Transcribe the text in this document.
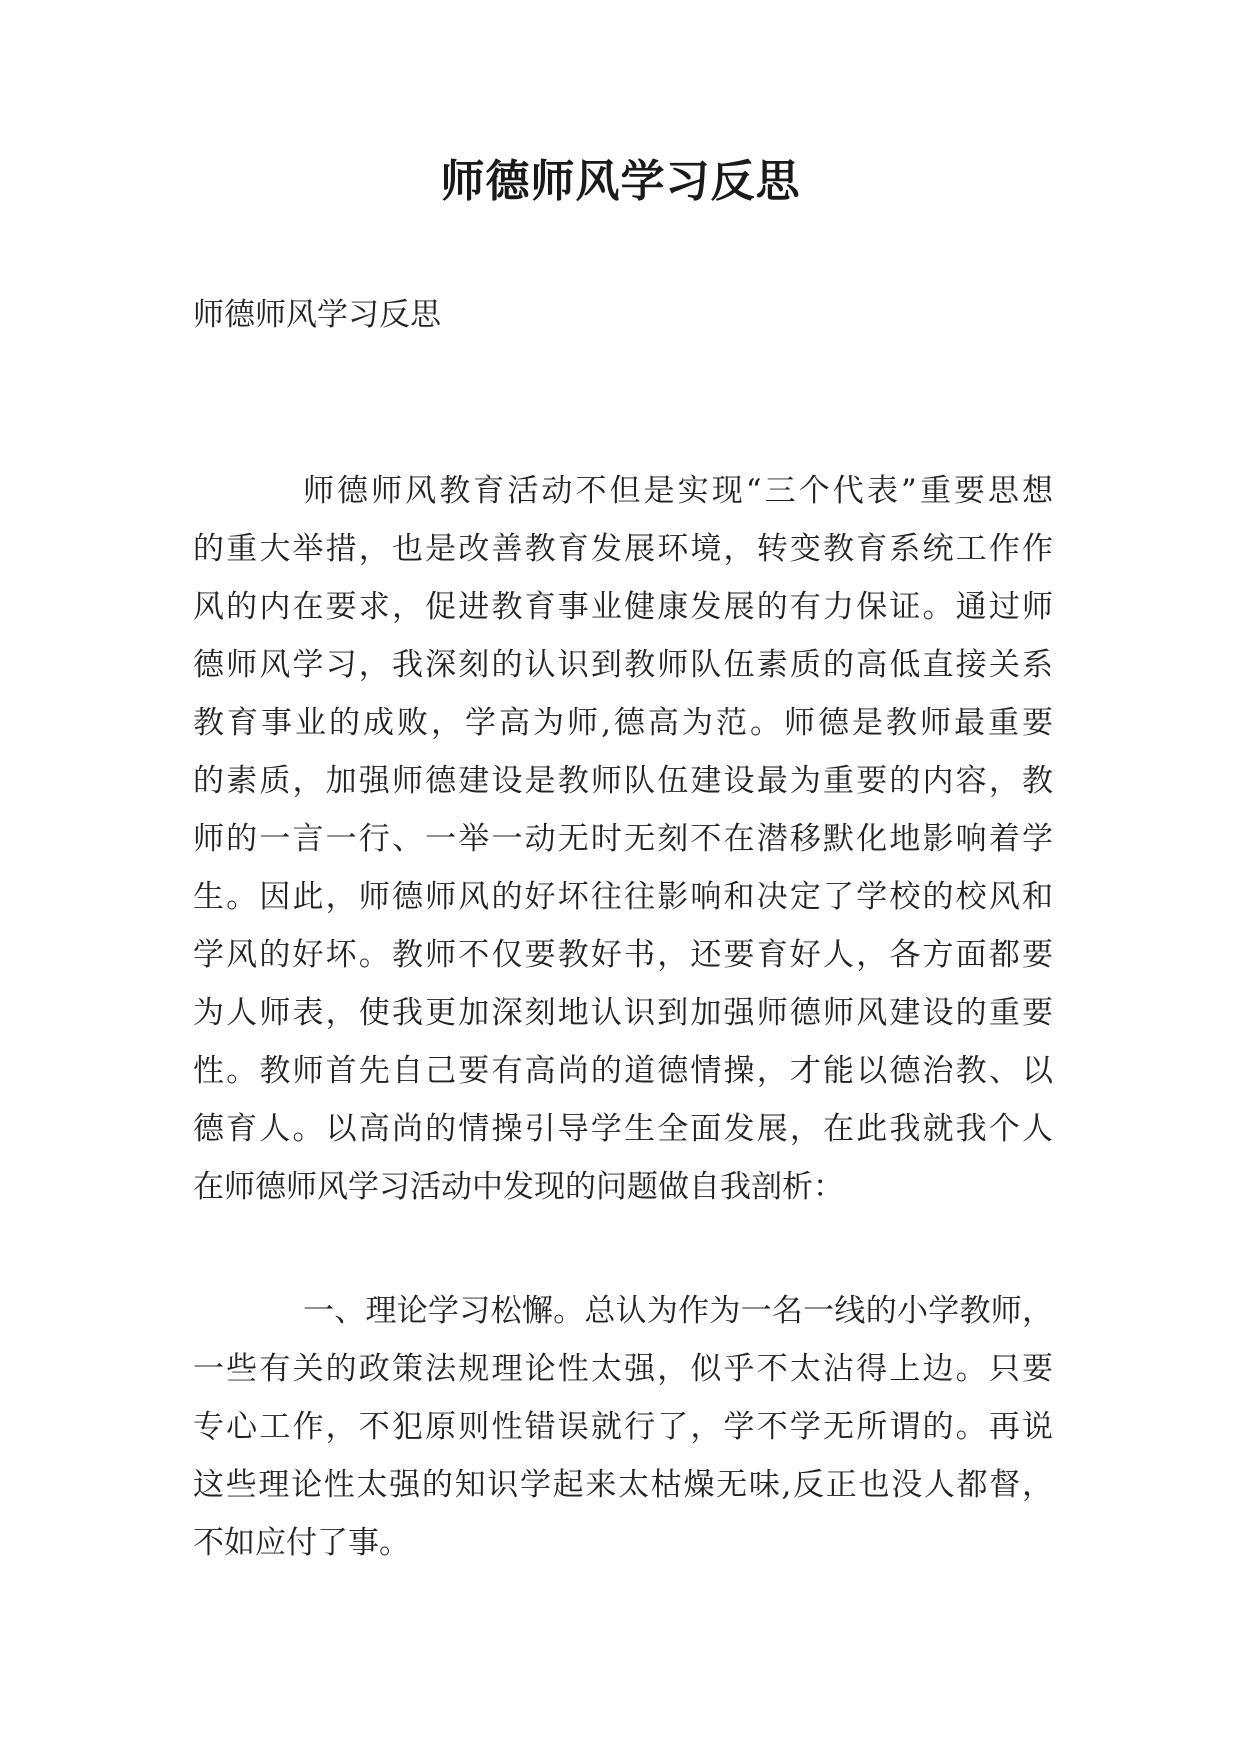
师德师风学习反思

师德师风学习反思

师德师风教育活动不但是实现“三个代表”重要思想
的重大举措，也是改善教育发展环境，转变教育系统工作作
风的内在要求，促进教育事业健康发展的有力保证。通过师
德师风学习，我深刻的认识到教师队伍素质的高低直接关系
教育事业的成败，学高为师,德高为范。师德是教师最重要
的素质，加强师德建设是教师队伍建设最为重要的内容，教
师的一言一行、一举一动无时无刻不在潜移默化地影响着学
生。因此，师德师风的好坏往往影响和决定了学校的校风和
学风的好坏。教师不仅要教好书，还要育好人，各方面都要
为人师表，使我更加深刻地认识到加强师德师风建设的重要
性。教师首先自己要有高尚的道德情操，才能以德治教、以
德育人。以高尚的情操引导学生全面发展，在此我就我个人
在师德师风学习活动中发现的问题做自我剖析：
一、理论学习松懈。总认为作为一名一线的小学教师，
一些有关的政策法规理论性太强，似乎不太沾得上边。只要
专心工作，不犯原则性错误就行了，学不学无所谓的。再说
这些理论性太强的知识学起来太枯燥无味,反正也没人都督，
不如应付了事。
